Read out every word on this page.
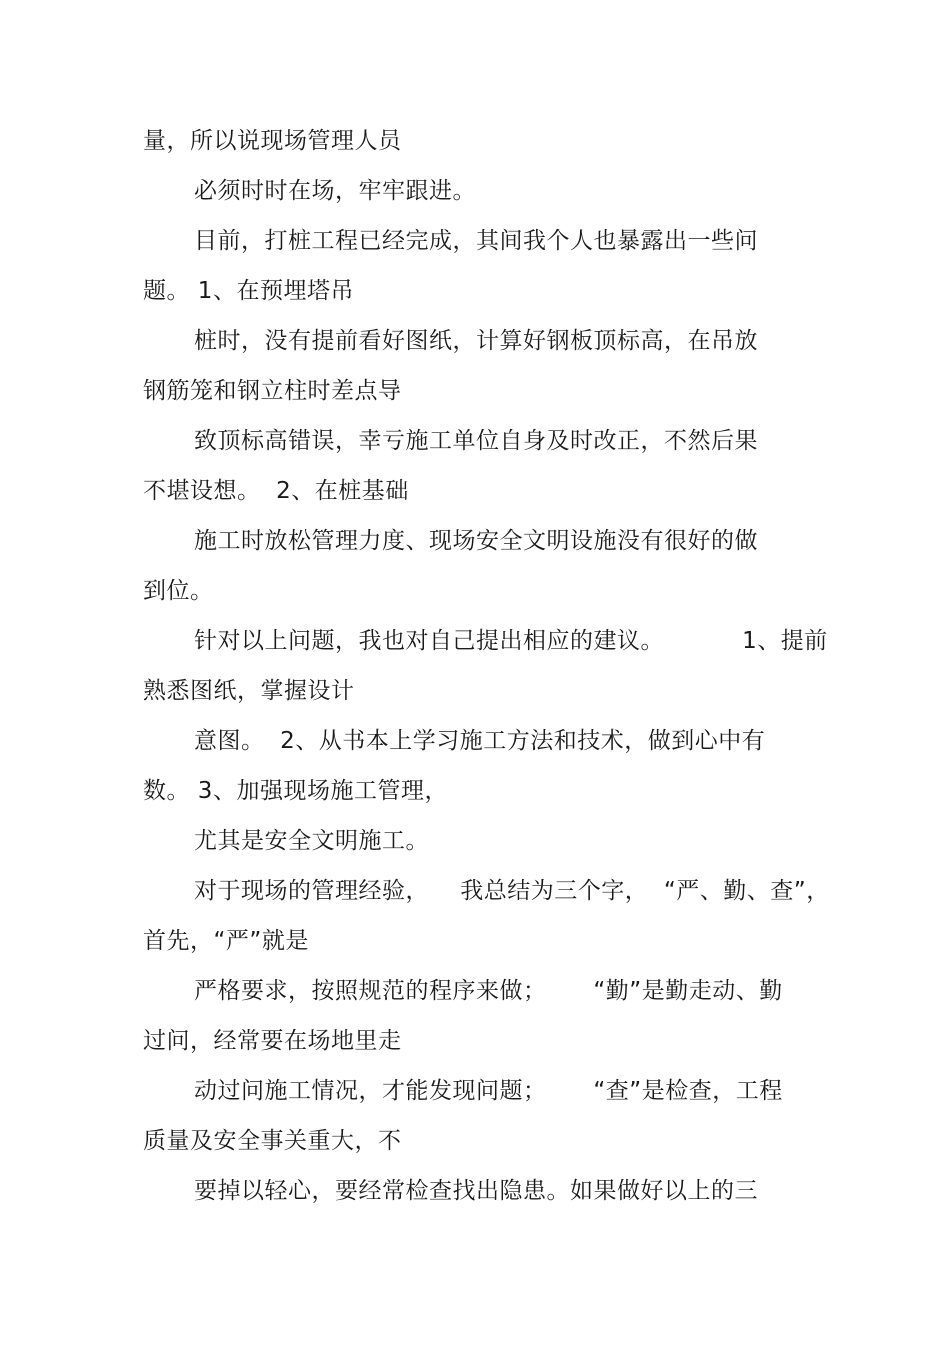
量，所以说现场管理人员
必须时时在场，牢牢跟进。
目前，打桩工程已经完成，其间我个人也暴露出一些问
题。 1、在预埋塔吊
桩时，没有提前看好图纸，计算好钢板顶标高，在吊放
钢筋笼和钢立柱时差点导
致顶标高错误，幸亏施工单位自身及时改正，不然后果
不堪设想。  2、在桩基础
施工时放松管理力度、现场安全文明设施没有很好的做
到位。
针对以上问题，我也对自己提出相应的建议。          1、提前
熟悉图纸，掌握设计
意图。  2、从书本上学习施工方法和技术，做到心中有
数。 3、加强现场施工管理，
尤其是安全文明施工。
对于现场的管理经验，    我总结为三个字，  “严、勤、查”，
首先，“严”就是
严格要求，按照规范的程序来做；      “勤”是勤走动、勤
过问，经常要在场地里走
动过问施工情况，才能发现问题；      “查”是检查，工程
质量及安全事关重大，不
要掉以轻心，要经常检查找出隐患。如果做好以上的三
